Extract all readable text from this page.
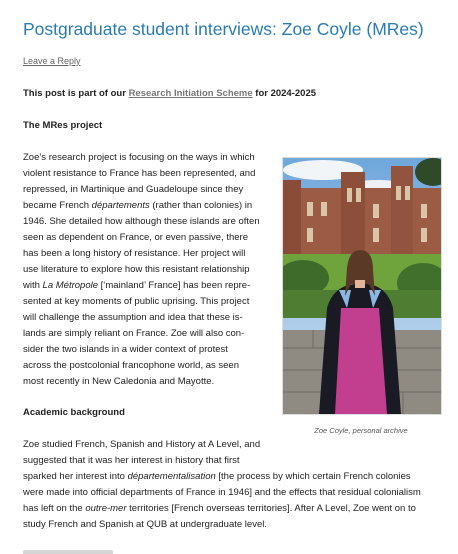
Postgraduate student interviews: Zoe Coyle (MRes)
Leave a Reply

This post is part of our Research Initiation Scheme for 2024-2025

The MRes project

Zoe’s research project is focusing on the ways in which
violent resistance to France has been represented, and
repressed, in Martinique and Guadeloupe since they
became French départements (rather than colonies) in
1946. She detailed how although these islands are often
seen as dependent on France, or even passive, there
has been a long history of resistance. Her project will
use literature to explore how this resistant relationship
with La Métropole [‘mainland’ France] has been repre-
sented at key moments of public uprising. This project
will challenge the assumption and idea that these is-
lands are simply reliant on France. Zoe will also con-
sider the two islands in a wider context of protest
across the postcolonial francophone world, as seen
most recently in New Caledonia and Mayotte.

Zoe Coyle, personal archive

Academic background

Zoe studied French, Spanish and History at A Level, and
suggested that it was her interest in history that first
sparked her interest into départementalisation [the process by which certain French colonies
were made into official departments of France in 1946] and the effects that residual colonialism
has left on the outre-mer territories [French overseas territories]. After A Level, Zoe went on to
study French and Spanish at QUB at undergraduate level.
